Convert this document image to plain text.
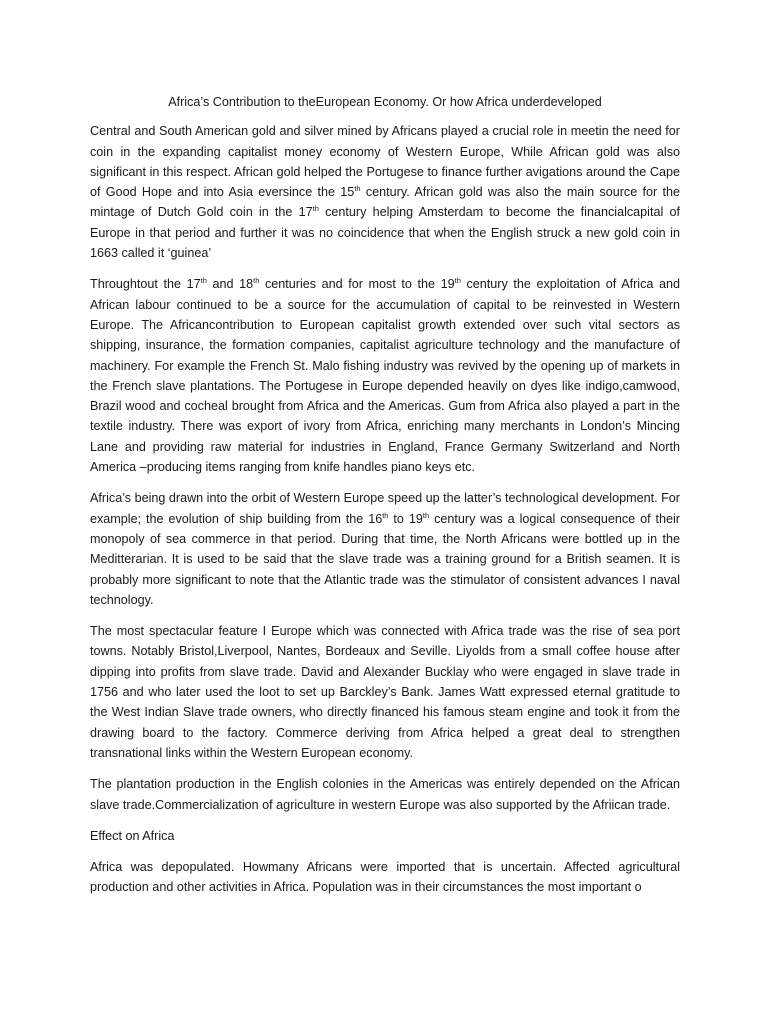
Africa’s Contribution to theEuropean Economy. Or how Africa underdeveloped

Central and South American gold and silver mined by Africans played a crucial role in meetin the need for coin in the expanding capitalist money economy of Western Europe, While African gold was also significant in this respect. African gold helped the Portugese to finance further avigations around the Cape of Good Hope and into Asia eversince the 15th century. African gold was also the main source for the mintage of Dutch Gold coin in the 17th century helping Amsterdam to become the financialcapital of Europe in that period and further it was no coincidence that when the English struck a new gold coin in 1663 called it ‘guinea’

Throughtout the 17th and 18th centuries and for most to the 19th century the exploitation of Africa and African labour continued to be a source for the accumulation of capital to be reinvested in Western Europe. The Africancontribution to European capitalist growth extended over such vital sectors as shipping, insurance, the formation companies, capitalist agriculture technology and the manufacture of machinery. For example the French St. Malo fishing industry was revived by the opening up of markets in the French slave plantations. The Portugese in Europe depended heavily on dyes like indigo,camwood, Brazil wood and cocheal brought from Africa and the Americas. Gum from Africa also played a part in the textile industry. There was export of ivory from Africa, enriching many merchants in London’s Mincing Lane and providing raw material for industries in England, France Germany Switzerland and North America –producing items ranging from knife handles piano keys etc.

Africa’s being drawn into the orbit of Western Europe speed up the latter’s technological development. For example; the evolution of ship building from the 16th to 19th century was a logical consequence of their monopoly of sea commerce in that period. During that time, the North Africans were bottled up in the Meditterarian. It is used to be said that the slave trade was a training ground for a British seamen. It is probably more significant to note that the Atlantic trade was the stimulator of consistent advances I naval technology.

The most spectacular feature I Europe which was connected with Africa trade was the rise of sea port towns. Notably Bristol,Liverpool, Nantes, Bordeaux and Seville. Liyolds from a small coffee house after dipping into profits from slave trade. David and Alexander Bucklay who were engaged in slave trade in 1756 and who later used the loot to set up Barckley’s Bank. James Watt expressed eternal gratitude to the West Indian Slave trade owners, who directly financed his famous steam engine and took it from the drawing board to the factory. Commerce deriving from Africa helped a great deal to strengthen transnational links within the Western European economy.

The plantation production in the English colonies in the Americas was entirely depended on the African slave trade.Commercialization of agriculture in western Europe was also supported by the Afriican trade.

Effect on Africa

Africa was depopulated. Howmany Africans were imported that is uncertain. Affected agricultural production and other activities in Africa. Population was in their circumstances the most important o
